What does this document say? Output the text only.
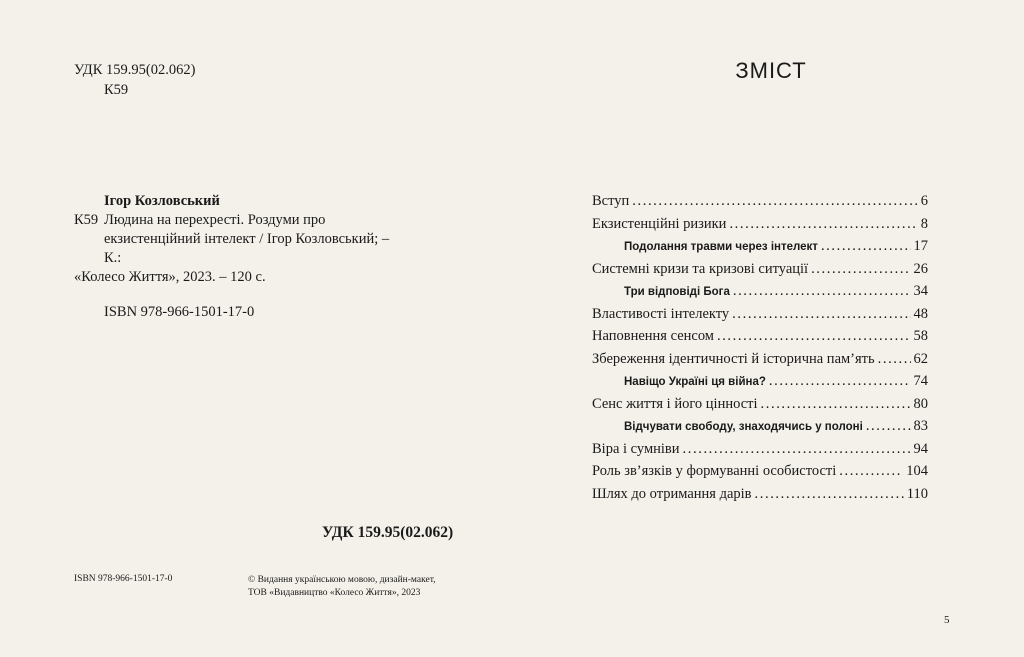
УДК 159.95(02.062)
К59
Ігор Козловський
К59 Людина на перехресті. Роздуми про
екзистенційний інтелект / Ігор Козловський; – К.:
«Колесо Життя», 2023. – 120 с.
ISBN 978-966-1501-17-0
УДК 159.95(02.062)
ISBN 978-966-1501-17-0	© Видання українською мовою, дизайн-макет,
ТОВ «Видавництво «Колесо Життя», 2023
ЗМІСТ
Вступ .....	6
Екзистенційні ризики .....	8
Подолання травми через інтелект .....	17
Системні кризи та кризові ситуації .....	26
Три відповіді Бога .....	34
Властивості інтелекту .....	48
Наповнення сенсом .....	58
Збереження ідентичності й історична пам’ять .....	62
Навіщо Україні ця війна? .....	74
Сенс життя і його цінності .....	80
Відчувати свободу, знаходячись у полоні .....	83
Віра і сумніви .....	94
Роль зв’язків у формуванні особистості .....	104
Шлях до отримання дарів .....	110
5
